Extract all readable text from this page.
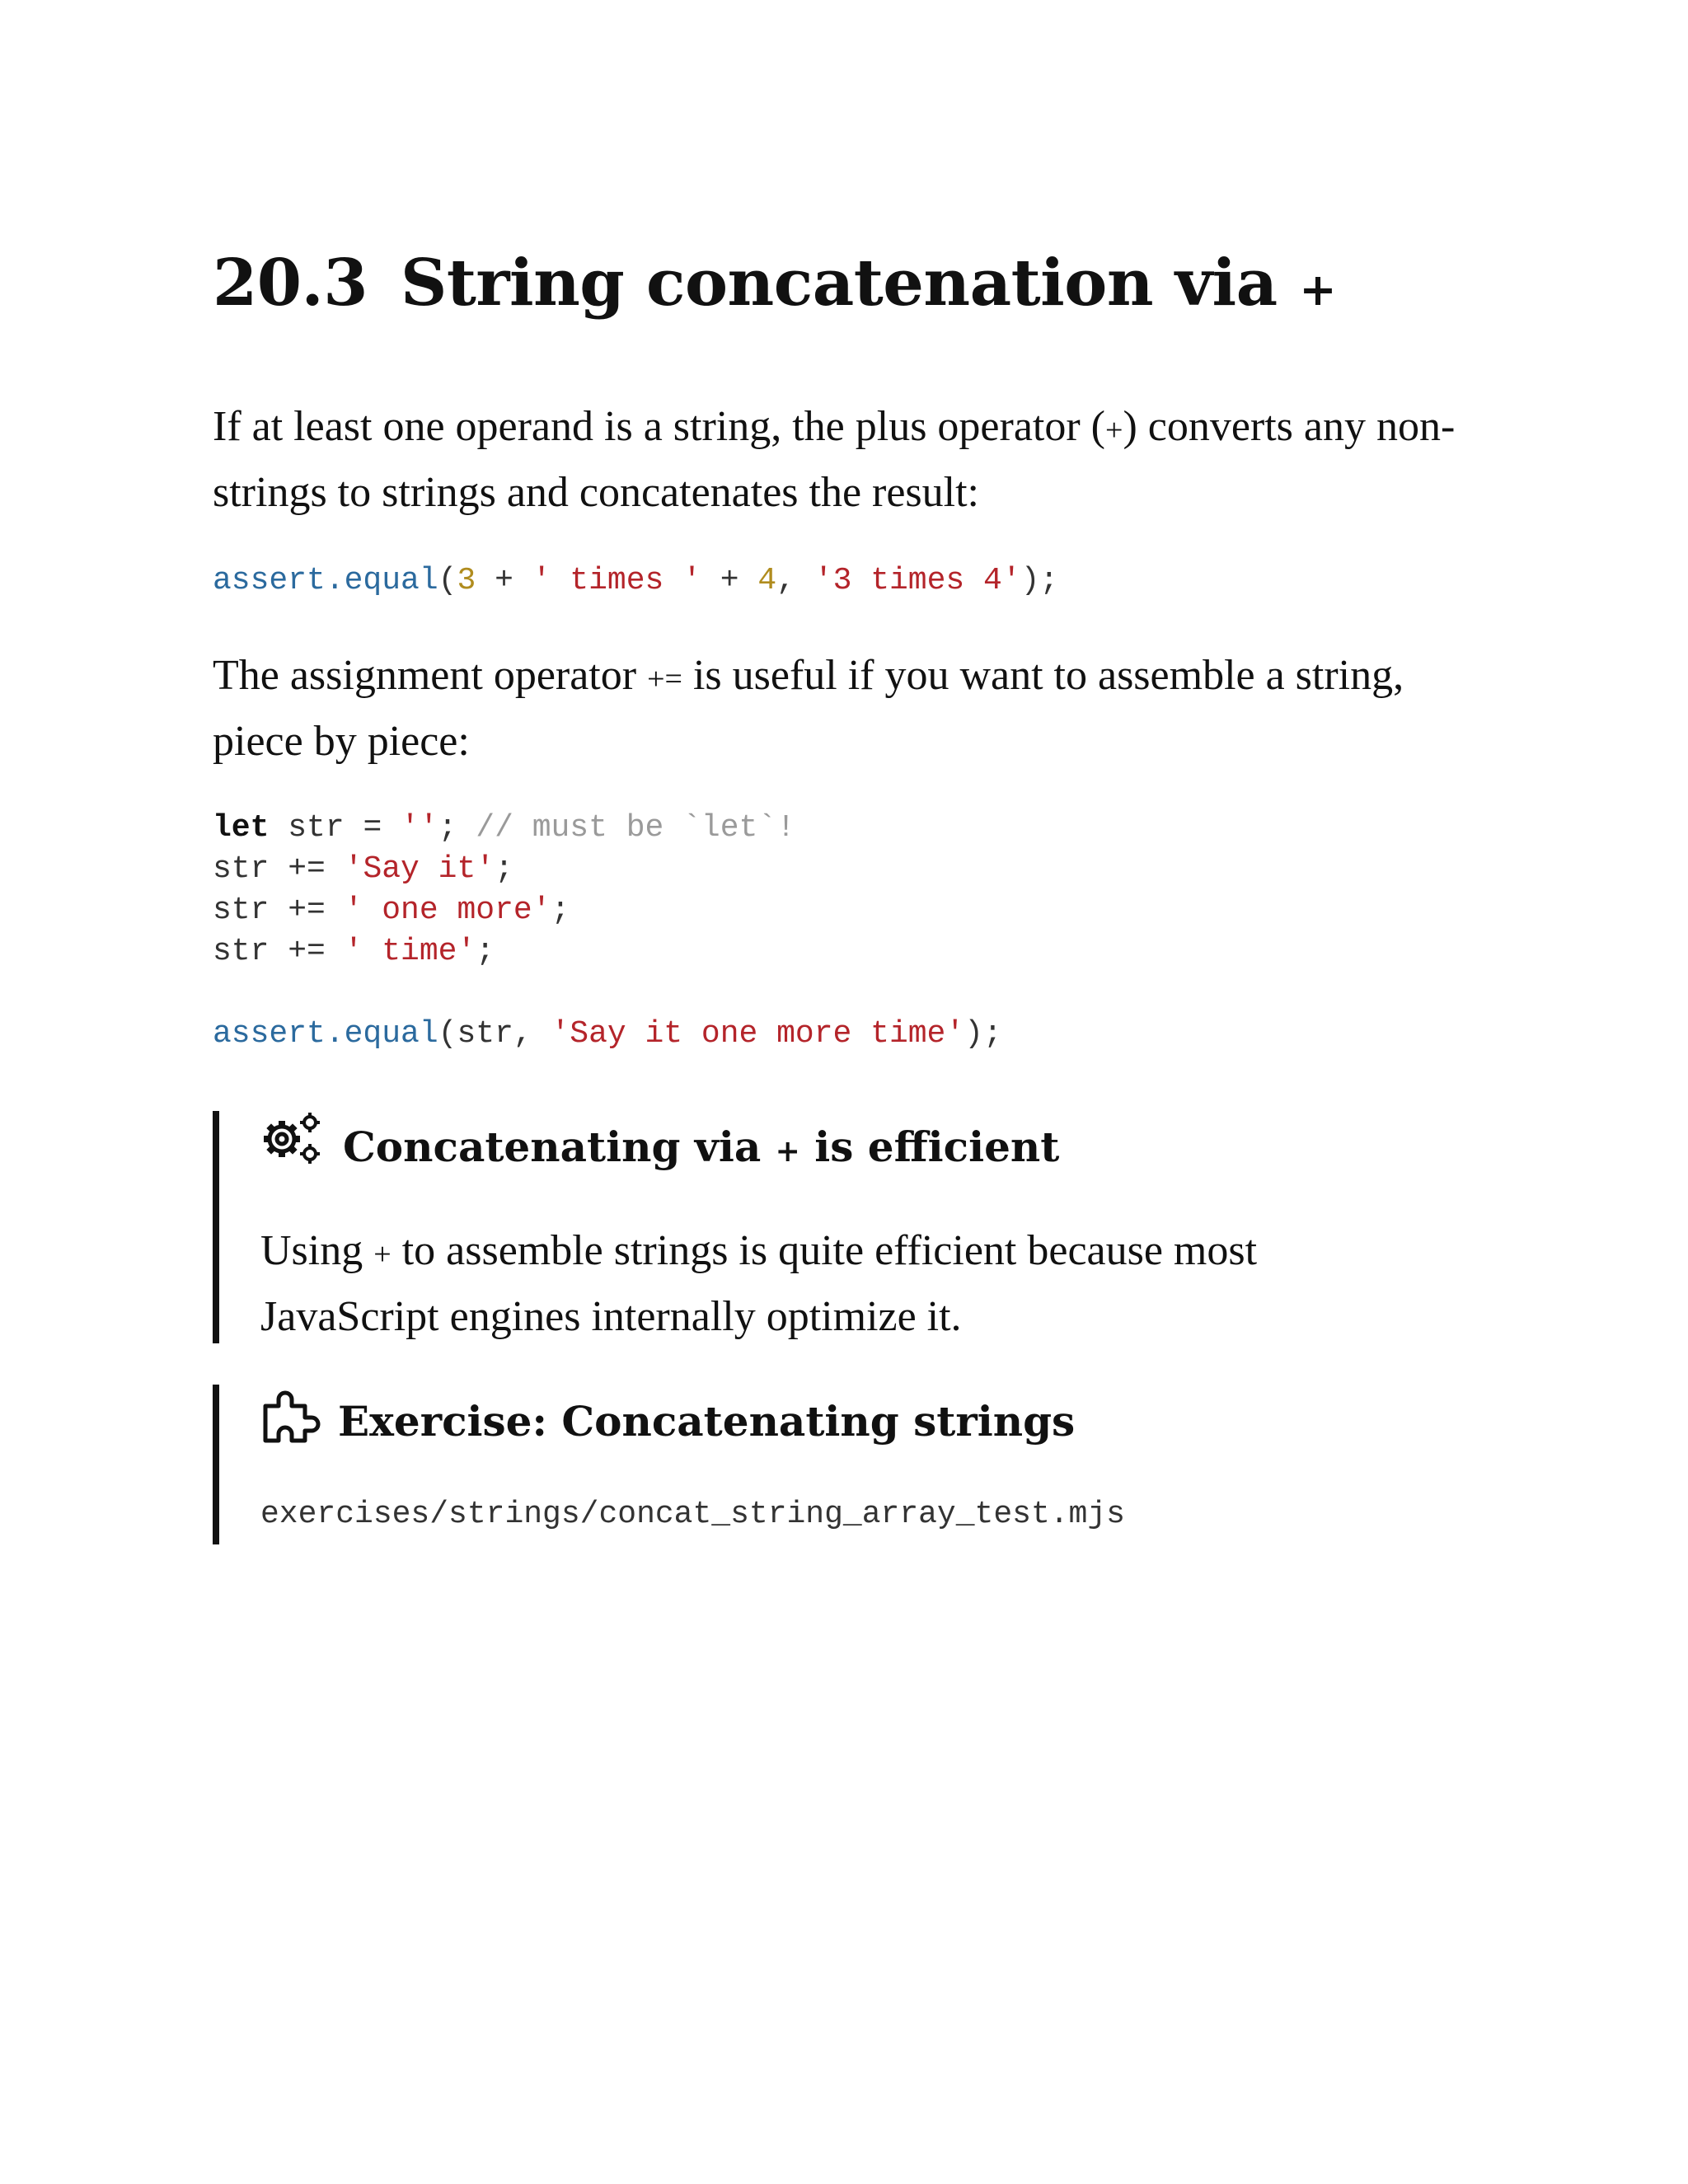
20.3 String concatenation via +

If at least one operand is a string, the plus operator (+) converts any non-strings to strings and concatenates the result:

assert.equal(3 + ' times ' + 4, '3 times 4');

The assignment operator += is useful if you want to assemble a string, piece by piece:

let str = ''; // must be `let`!
str += 'Say it';
str += ' one more';
str += ' time';

assert.equal(str, 'Say it one more time');
Concatenating via + is efficient

Using + to assemble strings is quite efficient because most JavaScript engines internally optimize it.

Exercise: Concatenating strings
exercises/strings/concat_string_array_test.mjs
